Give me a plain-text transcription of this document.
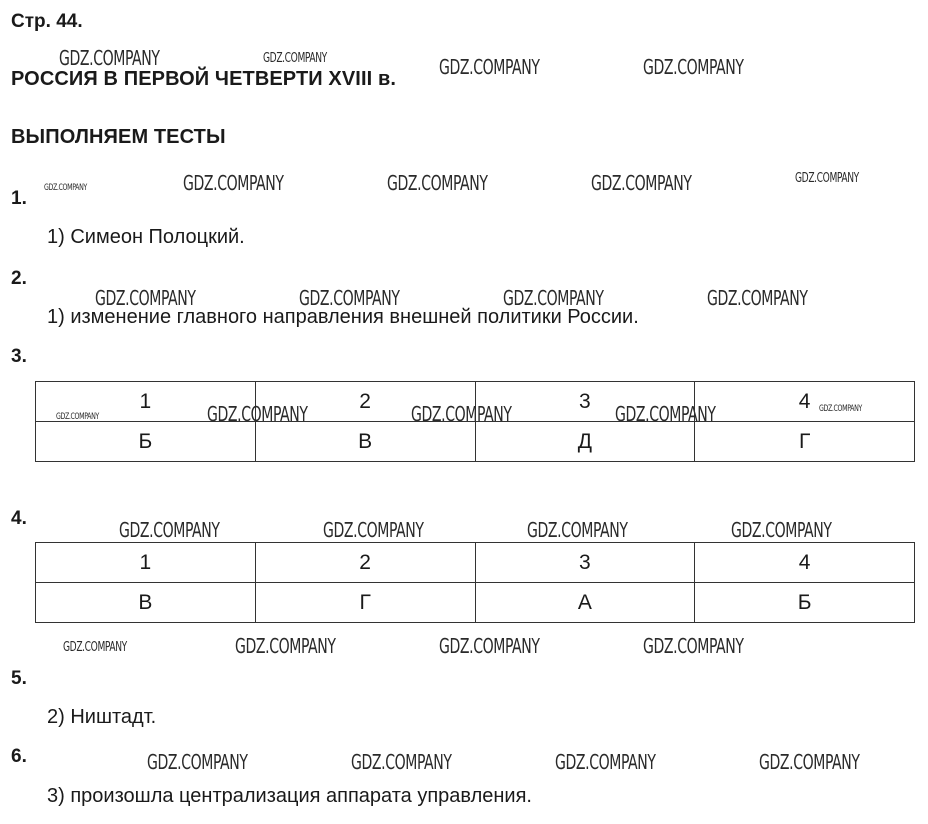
Стр. 44.
РОССИЯ В ПЕРВОЙ ЧЕТВЕРТИ XVIII в.
ВЫПОЛНЯЕМ ТЕСТЫ
1.
1) Симеон Полоцкий.
2.
1) изменение главного направления внешней политики России.
3.
1	2	3	4
Б	В	Д	Г
4.
1	2	3	4
В	Г	А	Б
5.
2) Ништадт.
6.
3) произошла централизация аппарата управления.
GDZ.COMPANY	GDZ.COMPANY	GDZ.COMPANY	GDZ.COMPANY
GDZ.COMPANY	GDZ.COMPANY	GDZ.COMPANY	GDZ.COMPANY	GDZ.COMPANY
GDZ.COMPANY	GDZ.COMPANY	GDZ.COMPANY	GDZ.COMPANY
GDZ.COMPANY	GDZ.COMPANY	GDZ.COMPANY	GDZ.COMPANY	GDZ.COMPANY
GDZ.COMPANY	GDZ.COMPANY	GDZ.COMPANY	GDZ.COMPANY
GDZ.COMPANY	GDZ.COMPANY	GDZ.COMPANY	GDZ.COMPANY
GDZ.COMPANY	GDZ.COMPANY	GDZ.COMPANY	GDZ.COMPANY
